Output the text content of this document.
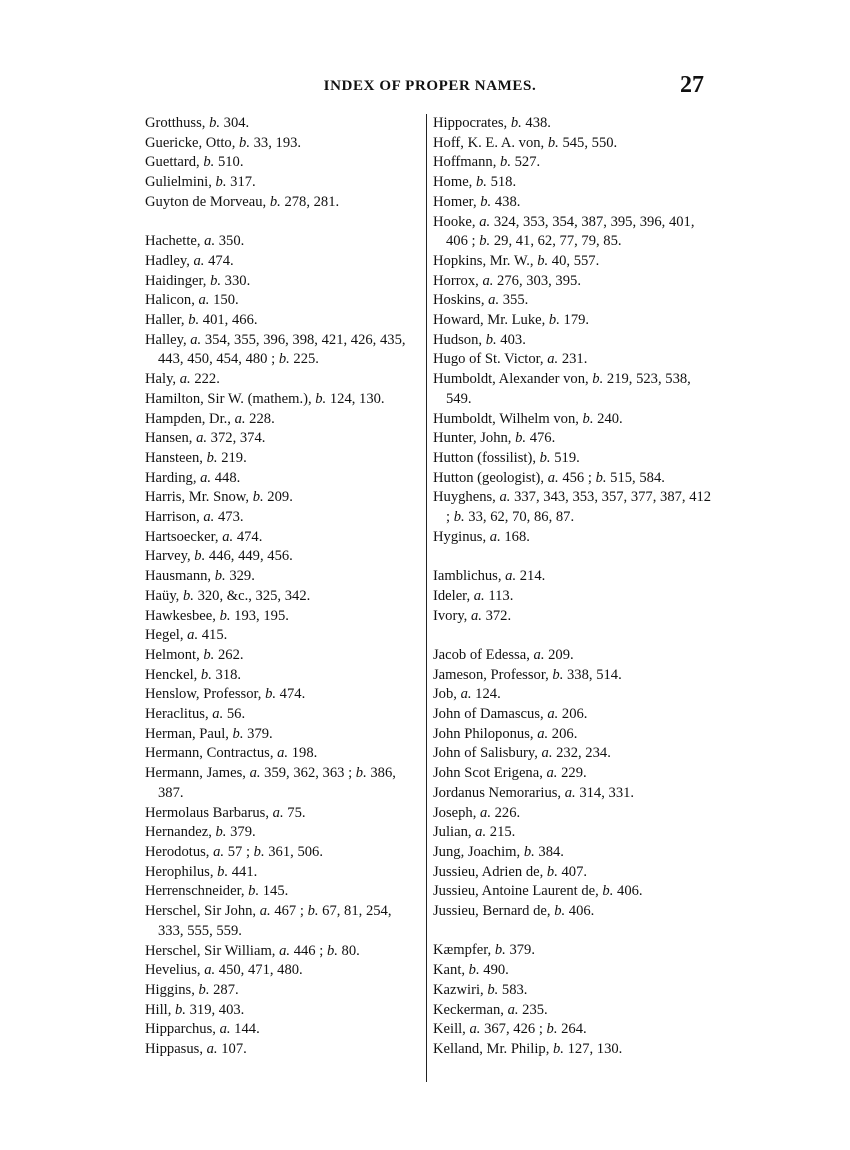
INDEX OF PROPER NAMES.	27

Grotthuss, b. 304.

Guericke, Otto, b. 33, 193.

Guettard, b. 510.

Gulielmini, b. 317.

Guyton de Morveau, b. 278, 281.

Hachette, a. 350.

Hadley, a. 474.

Haidinger, b. 330.

Halicon, a. 150.

Haller, b. 401, 466.

Halley, a. 354, 355, 396, 398, 421, 426, 435, 443, 450, 454, 480 ; b. 225.

Haly, a. 222.

Hamilton, Sir W. (mathem.), b. 124, 130.

Hampden, Dr., a. 228.

Hansen, a. 372, 374.

Hansteen, b. 219.

Harding, a. 448.

Harris, Mr. Snow, b. 209.

Harrison, a. 473.

Hartsoecker, a. 474.

Harvey, b. 446, 449, 456.

Hausmann, b. 329.

Haüy, b. 320, &c., 325, 342.

Hawkesbee, b. 193, 195.

Hegel, a. 415.

Helmont, b. 262.

Henckel, b. 318.

Henslow, Professor, b. 474.

Heraclitus, a. 56.

Herman, Paul, b. 379.

Hermann, Contractus, a. 198.

Hermann, James, a. 359, 362, 363 ; b. 386, 387.

Hermolaus Barbarus, a. 75.

Hernandez, b. 379.

Herodotus, a. 57 ; b. 361, 506.

Herophilus, b. 441.

Herrenschneider, b. 145.

Herschel, Sir John, a. 467 ; b. 67, 81, 254, 333, 555, 559.

Herschel, Sir William, a. 446 ; b. 80.

Hevelius, a. 450, 471, 480.

Higgins, b. 287.

Hill, b. 319, 403.

Hipparchus, a. 144.

Hippasus, a. 107.

Hippocrates, b. 438.

Hoff, K. E. A. von, b. 545, 550.

Hoffmann, b. 527.

Home, b. 518.

Homer, b. 438.

Hooke, a. 324, 353, 354, 387, 395, 396, 401, 406 ; b. 29, 41, 62, 77, 79, 85.

Hopkins, Mr. W., b. 40, 557.

Horrox, a. 276, 303, 395.

Hoskins, a. 355.

Howard, Mr. Luke, b. 179.

Hudson, b. 403.

Hugo of St. Victor, a. 231.

Humboldt, Alexander von, b. 219, 523, 538, 549.

Humboldt, Wilhelm von, b. 240.

Hunter, John, b. 476.

Hutton (fossilist), b. 519.

Hutton (geologist), a. 456 ; b. 515, 584.

Huyghens, a. 337, 343, 353, 357, 377, 387, 412 ; b. 33, 62, 70, 86, 87.

Hyginus, a. 168.

Iamblichus, a. 214.

Ideler, a. 113.

Ivory, a. 372.

Jacob of Edessa, a. 209.

Jameson, Professor, b. 338, 514.

Job, a. 124.

John of Damascus, a. 206.

John Philoponus, a. 206.

John of Salisbury, a. 232, 234.

John Scot Erigena, a. 229.

Jordanus Nemorarius, a. 314, 331.

Joseph, a. 226.

Julian, a. 215.

Jung, Joachim, b. 384.

Jussieu, Adrien de, b. 407.

Jussieu, Antoine Laurent de, b. 406.

Jussieu, Bernard de, b. 406.

Kæmpfer, b. 379.

Kant, b. 490.

Kazwiri, b. 583.

Keckerman, a. 235.

Keill, a. 367, 426 ; b. 264.

Kelland, Mr. Philip, b. 127, 130.
